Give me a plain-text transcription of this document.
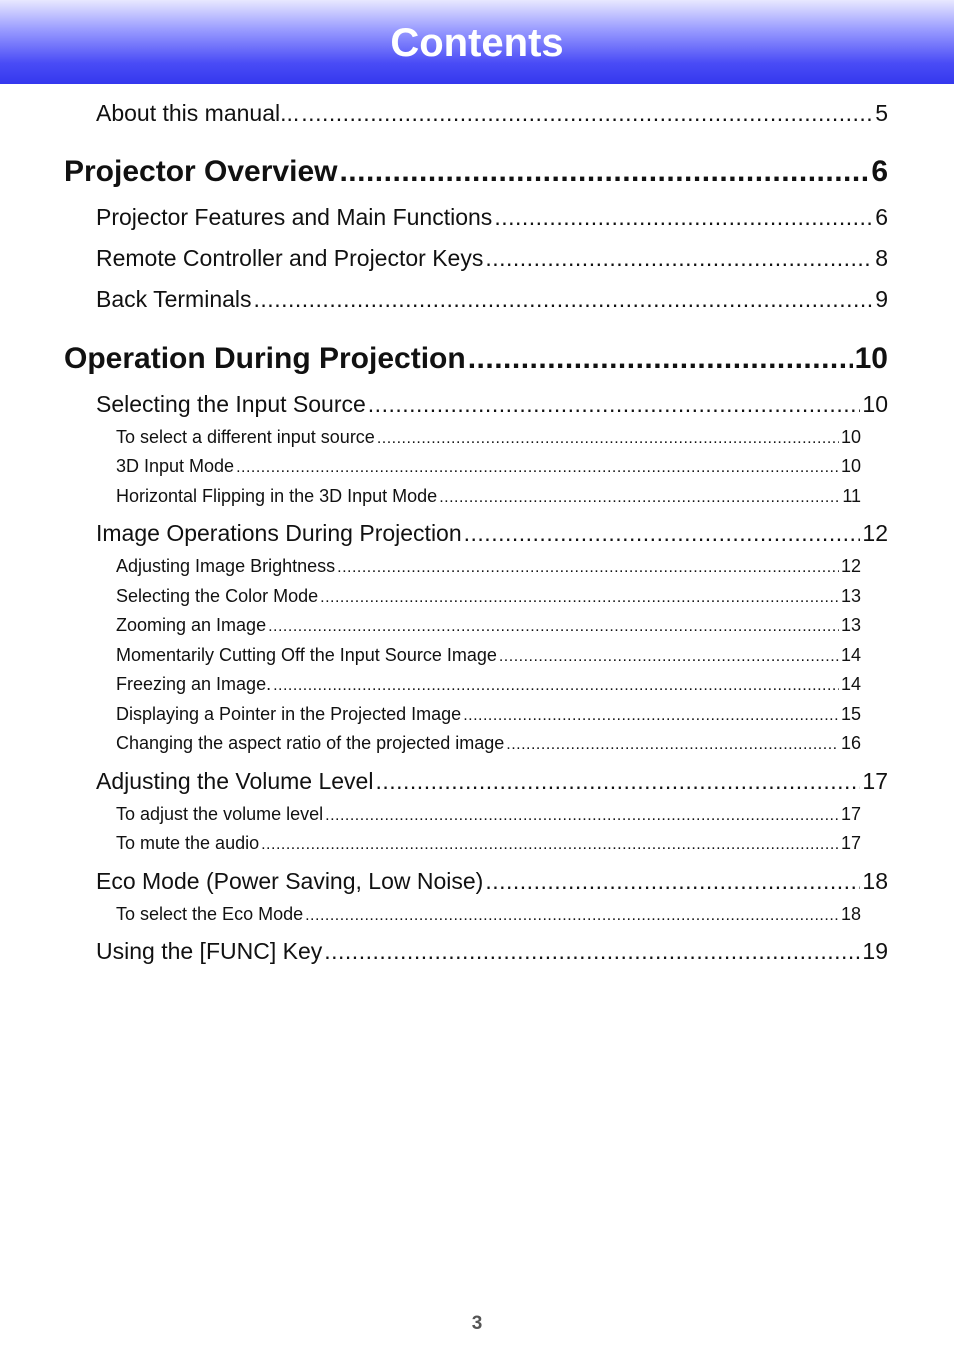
Contents
About this manual... .....	5
Projector Overview .....	6
Projector Features and Main Functions .....	6
Remote Controller and Projector Keys .....	8
Back Terminals .....	9
Operation During Projection .....	10
Selecting the Input Source .....	10
To select a different input source .....	10
3D Input Mode .....	10
Horizontal Flipping in the 3D Input Mode .....	11
Image Operations During Projection .....	12
Adjusting Image Brightness .....	12
Selecting the Color Mode .....	13
Zooming an Image .....	13
Momentarily Cutting Off the Input Source Image .....	14
Freezing an Image. .....	14
Displaying a Pointer in the Projected Image .....	15
Changing the aspect ratio of the projected image .....	16
Adjusting the Volume Level .....	17
To adjust the volume level .....	17
To mute the audio .....	17
Eco Mode (Power Saving, Low Noise) .....	18
To select the Eco Mode .....	18
Using the [FUNC] Key .....	19
3
